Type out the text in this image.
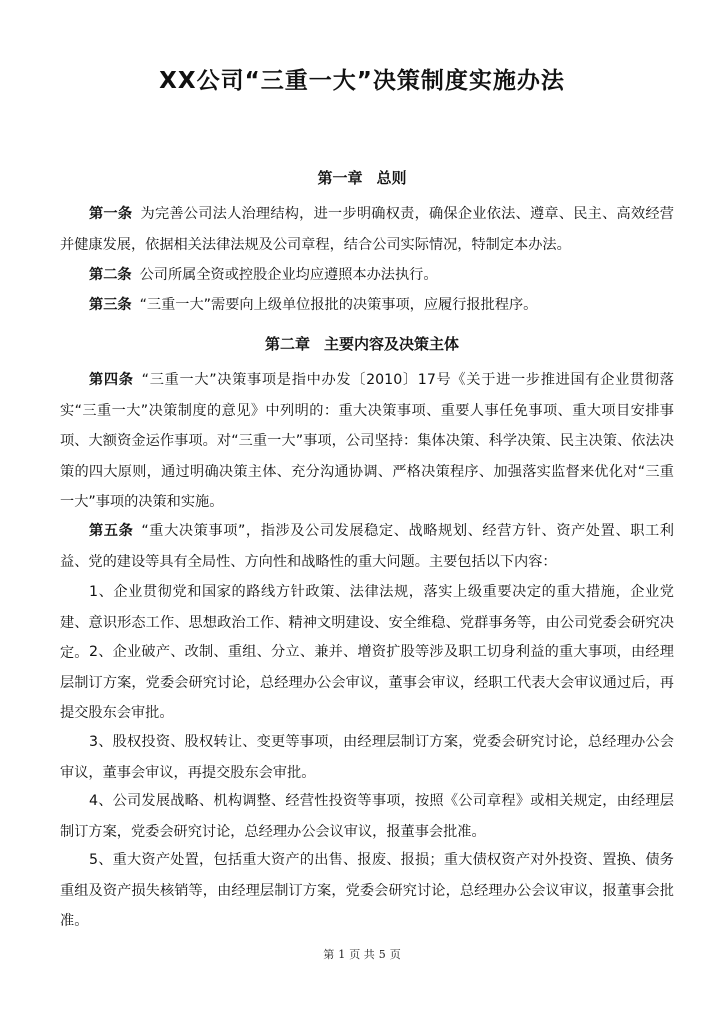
XX公司“三重一大”决策制度实施办法
第一章 总则
第一条 为完善公司法人治理结构，进一步明确权责，确保企业依法、遵章、民主、高效经营并健康发展，依据相关法律法规及公司章程，结合公司实际情况，特制定本办法。
第二条 公司所属全资或控股企业均应遵照本办法执行。
第三条 “三重一大”需要向上级单位报批的决策事项，应履行报批程序。
第二章 主要内容及决策主体
第四条 “三重一大”决策事项是指中办发〔2010〕17号《关于进一步推进国有企业贯彻落实“三重一大”决策制度的意见》中列明的：重大决策事项、重要人事任免事项、重大项目安排事项、大额资金运作事项。对“三重一大”事项，公司坚持：集体决策、科学决策、民主决策、依法决策的四大原则，通过明确决策主体、充分沟通协调、严格决策程序、加强落实监督来优化对“三重一大”事项的决策和实施。
第五条 “重大决策事项”，指涉及公司发展稳定、战略规划、经营方针、资产处置、职工利益、党的建设等具有全局性、方向性和战略性的重大问题。主要包括以下内容：
1、企业贯彻党和国家的路线方针政策、法律法规，落实上级重要决定的重大措施，企业党建、意识形态工作、思想政治工作、精神文明建设、安全维稳、党群事务等，由公司党委会研究决定。 2、企业破产、改制、重组、分立、兼并、增资扩股等涉及职工切身利益的重大事项，由经理层制订方案，党委会研究讨论，总经理办公会审议，董事会审议，经职工代表大会审议通过后，再提交股东会审批。
3、股权投资、股权转让、变更等事项，由经理层制订方案，党委会研究讨论，总经理办公会审议，董事会审议，再提交股东会审批。
4、公司发展战略、机构调整、经营性投资等事项，按照《公司章程》或相关规定，由经理层制订方案，党委会研究讨论，总经理办公会议审议，报董事会批准。
5、重大资产处置，包括重大资产的出售、报废、报损；重大债权资产对外投资、置换、债务重组及资产损失核销等，由经理层制订方案，党委会研究讨论，总经理办公会议审议，报董事会批准。
第 1 页 共 5 页
